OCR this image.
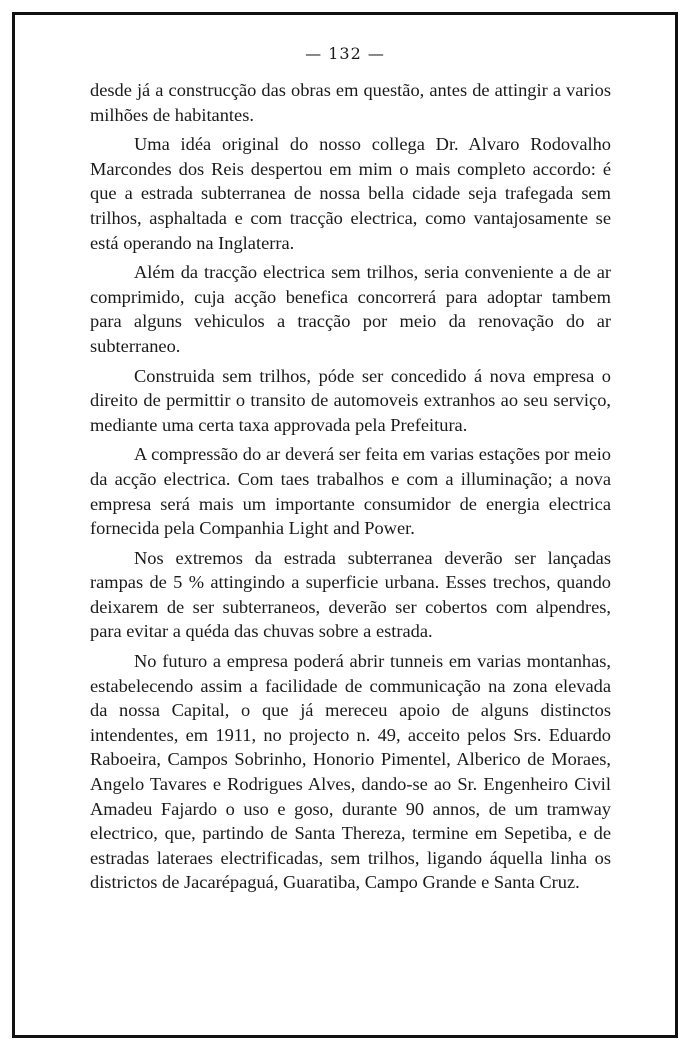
— 132 —

desde já a construcção das obras em questão, antes de attingir a varios milhões de habitantes.

Uma idéa original do nosso collega Dr. Alvaro Rodovalho Marcondes dos Reis despertou em mim o mais completo accordo: é que a estrada subterranea de nossa bella cidade seja trafegada sem trilhos, asphaltada e com tracção electrica, como vantajosamente se está operando na Inglaterra.

Além da tracção electrica sem trilhos, seria conveniente a de ar comprimido, cuja acção benefica concorrerá para adoptar tambem para alguns vehiculos a tracção por meio da renovação do ar subterraneo.

Construida sem trilhos, póde ser concedido á nova empresa o direito de permittir o transito de automoveis extranhos ao seu serviço, mediante uma certa taxa approvada pela Prefeitura.

A compressão do ar deverá ser feita em varias estações por meio da acção electrica. Com taes trabalhos e com a illuminação; a nova empresa será mais um importante consumidor de energia electrica fornecida pela Companhia Light and Power.

Nos extremos da estrada subterranea deverão ser lançadas rampas de 5 % attingindo a superficie urbana. Esses trechos, quando deixarem de ser subterraneos, deverão ser cobertos com alpendres, para evitar a quéda das chuvas sobre a estrada.

No futuro a empresa poderá abrir tunneis em varias montanhas, estabelecendo assim a facilidade de communicação na zona elevada da nossa Capital, o que já mereceu apoio de alguns distinctos intendentes, em 1911, no projecto n. 49, acceito pelos Srs. Eduardo Raboeira, Campos Sobrinho, Honorio Pimentel, Alberico de Moraes, Angelo Tavares e Rodrigues Alves, dando-se ao Sr. Engenheiro Civil Amadeu Fajardo o uso e goso, durante 90 annos, de um tramway electrico, que, partindo de Santa Thereza, termine em Sepetiba, e de estradas lateraes electrificadas, sem trilhos, ligando áquella linha os districtos de Jacarépaguá, Guaratiba, Campo Grande e Santa Cruz.
